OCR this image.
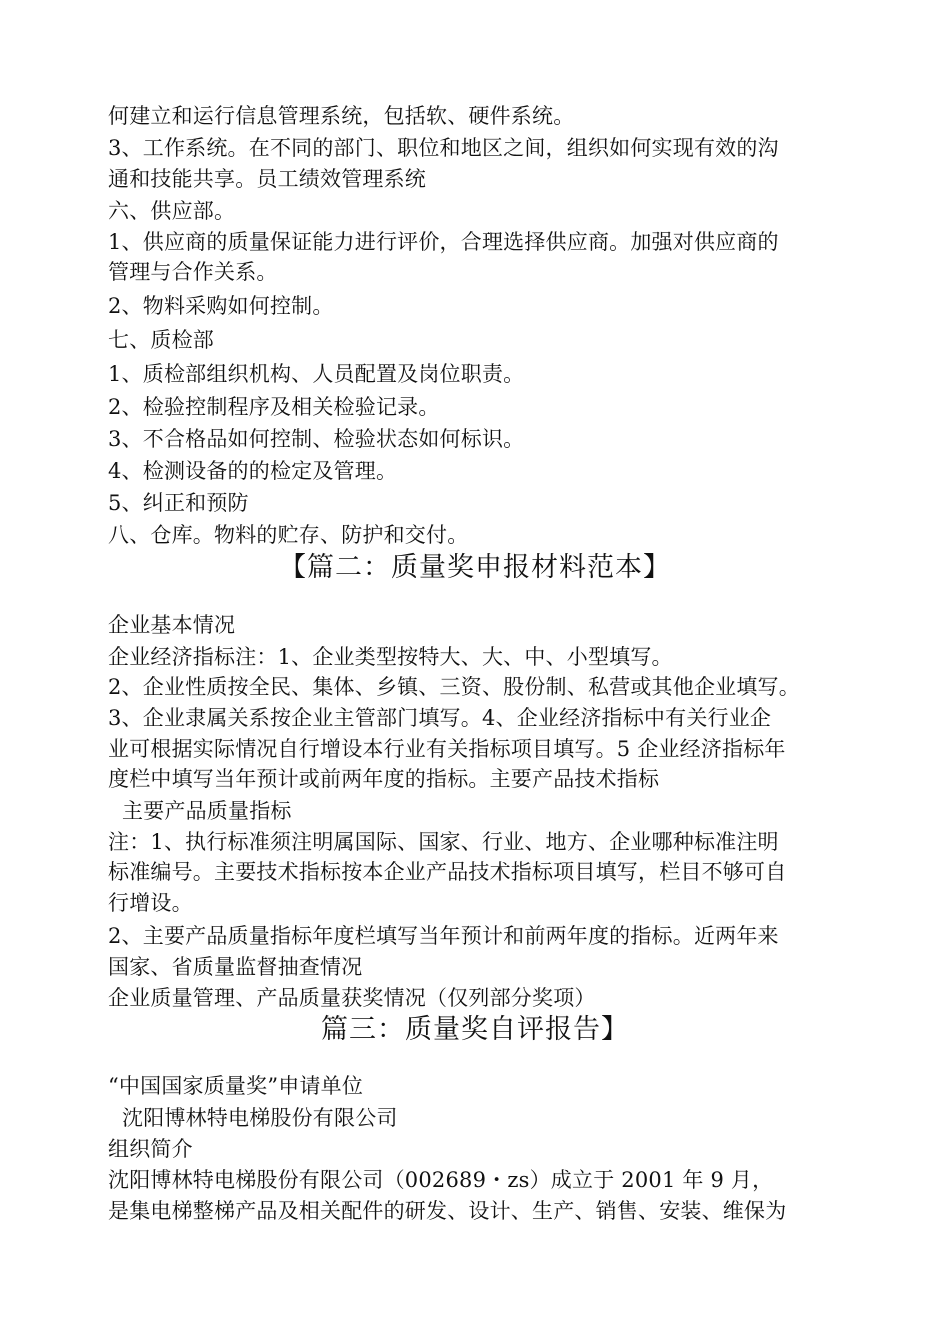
何建立和运行信息管理系统，包括软、硬件系统。
3、工作系统。在不同的部门、职位和地区之间，组织如何实现有效的沟
通和技能共享。员工绩效管理系统
六、供应部。
1、供应商的质量保证能力进行评价，合理选择供应商。加强对供应商的
管理与合作关系。
2、物料采购如何控制。
七、质检部
1、质检部组织机构、人员配置及岗位职责。
2、检验控制程序及相关检验记录。
3、不合格品如何控制、检验状态如何标识。
4、检测设备的的检定及管理。
5、纠正和预防
八、仓库。物料的贮存、防护和交付。
【篇二：质量奖申报材料范本】
企业基本情况
企业经济指标注：1、企业类型按特大、大、中、小型填写。
2、企业性质按全民、集体、乡镇、三资、股份制、私营或其他企业填写。
3、企业隶属关系按企业主管部门填写。4、企业经济指标中有关行业企
业可根据实际情况自行增设本行业有关指标项目填写。5 企业经济指标年
度栏中填写当年预计或前两年度的指标。主要产品技术指标
主要产品质量指标
注：1、执行标准须注明属国际、国家、行业、地方、企业哪种标准注明
标准编号。主要技术指标按本企业产品技术指标项目填写，栏目不够可自
行增设。
2、主要产品质量指标年度栏填写当年预计和前两年度的指标。近两年来
国家、省质量监督抽查情况
企业质量管理、产品质量获奖情况（仅列部分奖项）
篇三：质量奖自评报告】
“中国国家质量奖”申请单位
沈阳博林特电梯股份有限公司
组织简介
沈阳博林特电梯股份有限公司（002689・zs）成立于 2001 年 9 月，
是集电梯整梯产品及相关配件的研发、设计、生产、销售、安装、维保为
